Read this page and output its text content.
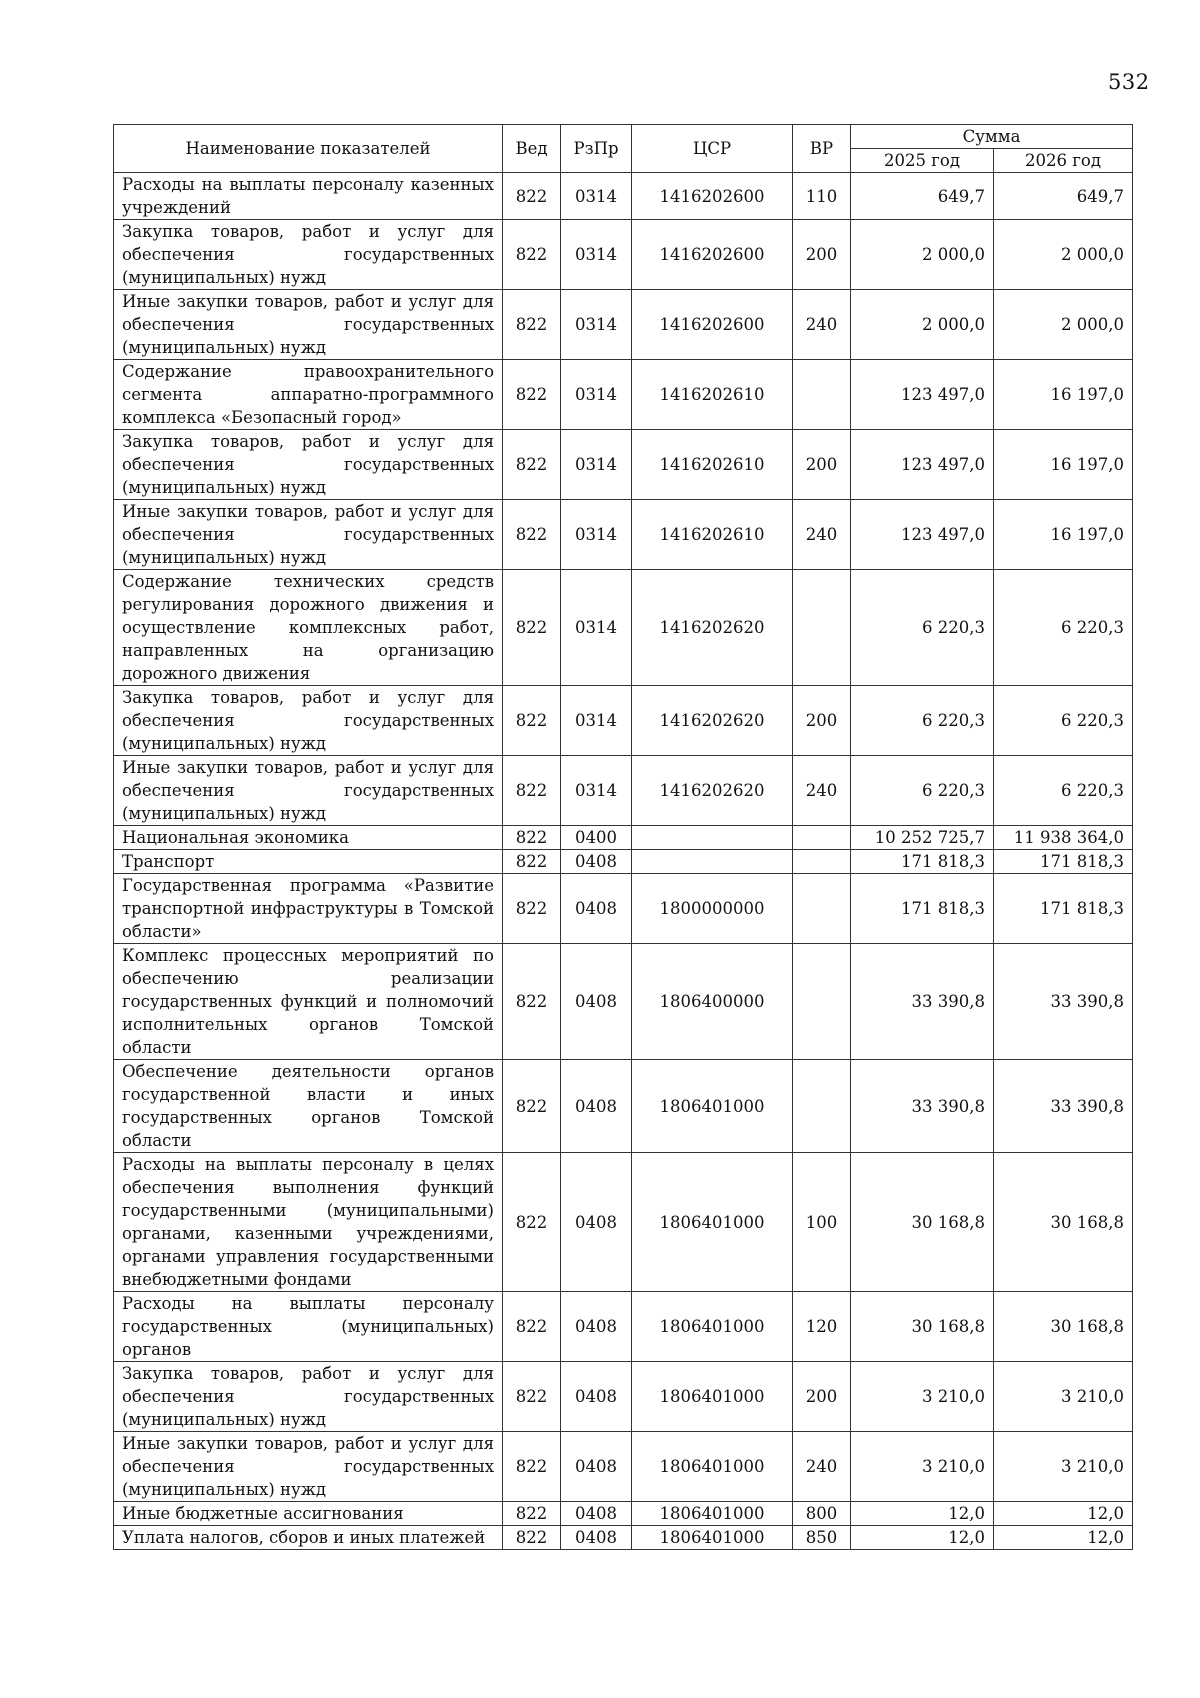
532
Наименование показателей	Вед	РзПр	ЦСР	ВР	Сумма	
					2025 год	2026 год
Расходы на выплаты персоналу казенных учреждений	822	0314	1416202600	110	649,7	649,7
Закупка товаров, работ и услуг для обеспечения государственных (муниципальных) нужд	822	0314	1416202600	200	2 000,0	2 000,0
Иные закупки товаров, работ и услуг для обеспечения государственных (муниципальных) нужд	822	0314	1416202600	240	2 000,0	2 000,0
Содержание правоохранительного сегмента аппаратно-программного комплекса «Безопасный город»	822	0314	1416202610		123 497,0	16 197,0
Закупка товаров, работ и услуг для обеспечения государственных (муниципальных) нужд	822	0314	1416202610	200	123 497,0	16 197,0
Иные закупки товаров, работ и услуг для обеспечения государственных (муниципальных) нужд	822	0314	1416202610	240	123 497,0	16 197,0
Содержание технических средств регулирования дорожного движения и осуществление комплексных работ, направленных на организацию дорожного движения	822	0314	1416202620		6 220,3	6 220,3
Закупка товаров, работ и услуг для обеспечения государственных (муниципальных) нужд	822	0314	1416202620	200	6 220,3	6 220,3
Иные закупки товаров, работ и услуг для обеспечения государственных (муниципальных) нужд	822	0314	1416202620	240	6 220,3	6 220,3
Национальная экономика	822	0400			10 252 725,7	11 938 364,0
Транспорт	822	0408			171 818,3	171 818,3
Государственная программа «Развитие транспортной инфраструктуры в Томской области»	822	0408	1800000000		171 818,3	171 818,3
Комплекс процессных мероприятий по обеспечению реализации государственных функций и полномочий исполнительных органов Томской области	822	0408	1806400000		33 390,8	33 390,8
Обеспечение деятельности органов государственной власти и иных государственных органов Томской области	822	0408	1806401000		33 390,8	33 390,8
Расходы на выплаты персоналу в целях обеспечения выполнения функций государственными (муниципальными) органами, казенными учреждениями, органами управления государственными внебюджетными фондами	822	0408	1806401000	100	30 168,8	30 168,8
Расходы на выплаты персоналу государственных (муниципальных) органов	822	0408	1806401000	120	30 168,8	30 168,8
Закупка товаров, работ и услуг для обеспечения государственных (муниципальных) нужд	822	0408	1806401000	200	3 210,0	3 210,0
Иные закупки товаров, работ и услуг для обеспечения государственных (муниципальных) нужд	822	0408	1806401000	240	3 210,0	3 210,0
Иные бюджетные ассигнования	822	0408	1806401000	800	12,0	12,0
Уплата налогов, сборов и иных платежей	822	0408	1806401000	850	12,0	12,0
